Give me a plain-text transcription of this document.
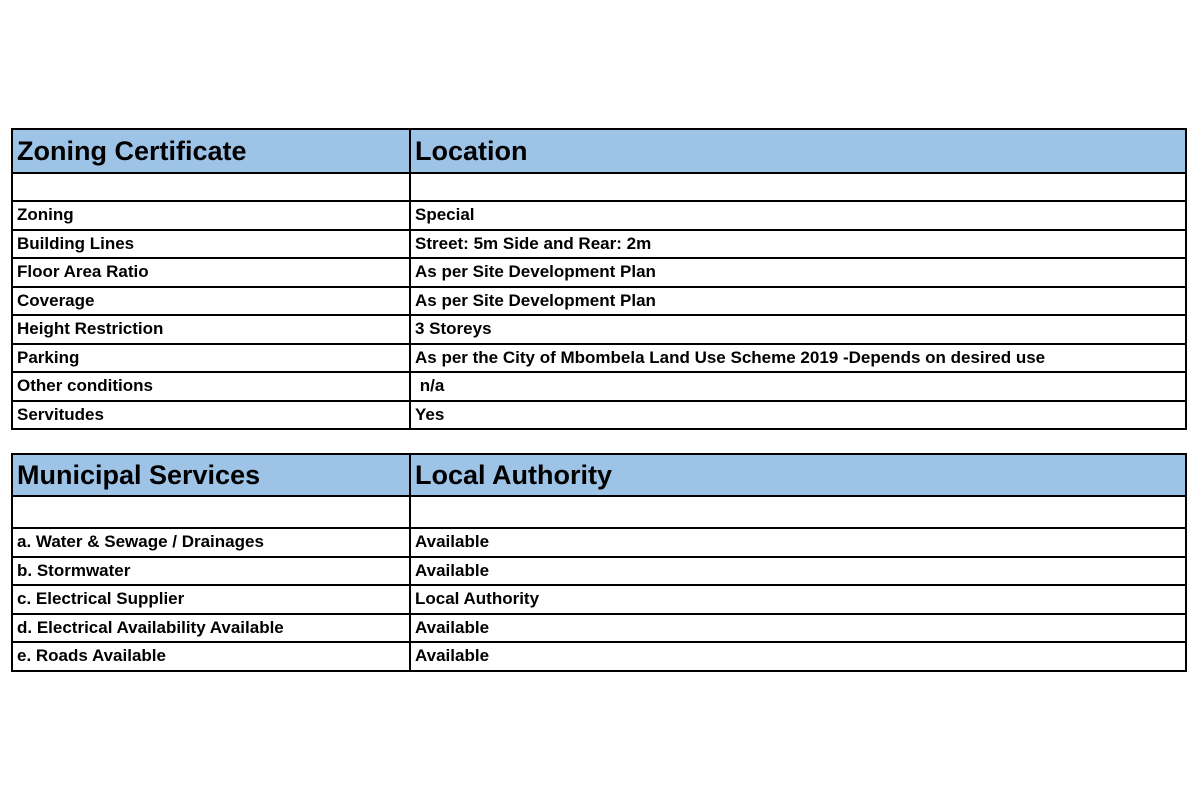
Zoning Certificate	Location

Zoning	Special
Building Lines	Street: 5m Side and Rear: 2m
Floor Area Ratio	As per Site Development Plan
Coverage	As per Site Development Plan
Height Restriction	3 Storeys
Parking	As per the City of Mbombela Land Use Scheme 2019 -Depends on desired use
Other conditions	n/a
Servitudes	Yes
Municipal Services	Local Authority

a. Water & Sewage / Drainages	Available
b. Stormwater	Available
c. Electrical Supplier	Local Authority
d. Electrical Availability Available	Available
e. Roads Available	Available
